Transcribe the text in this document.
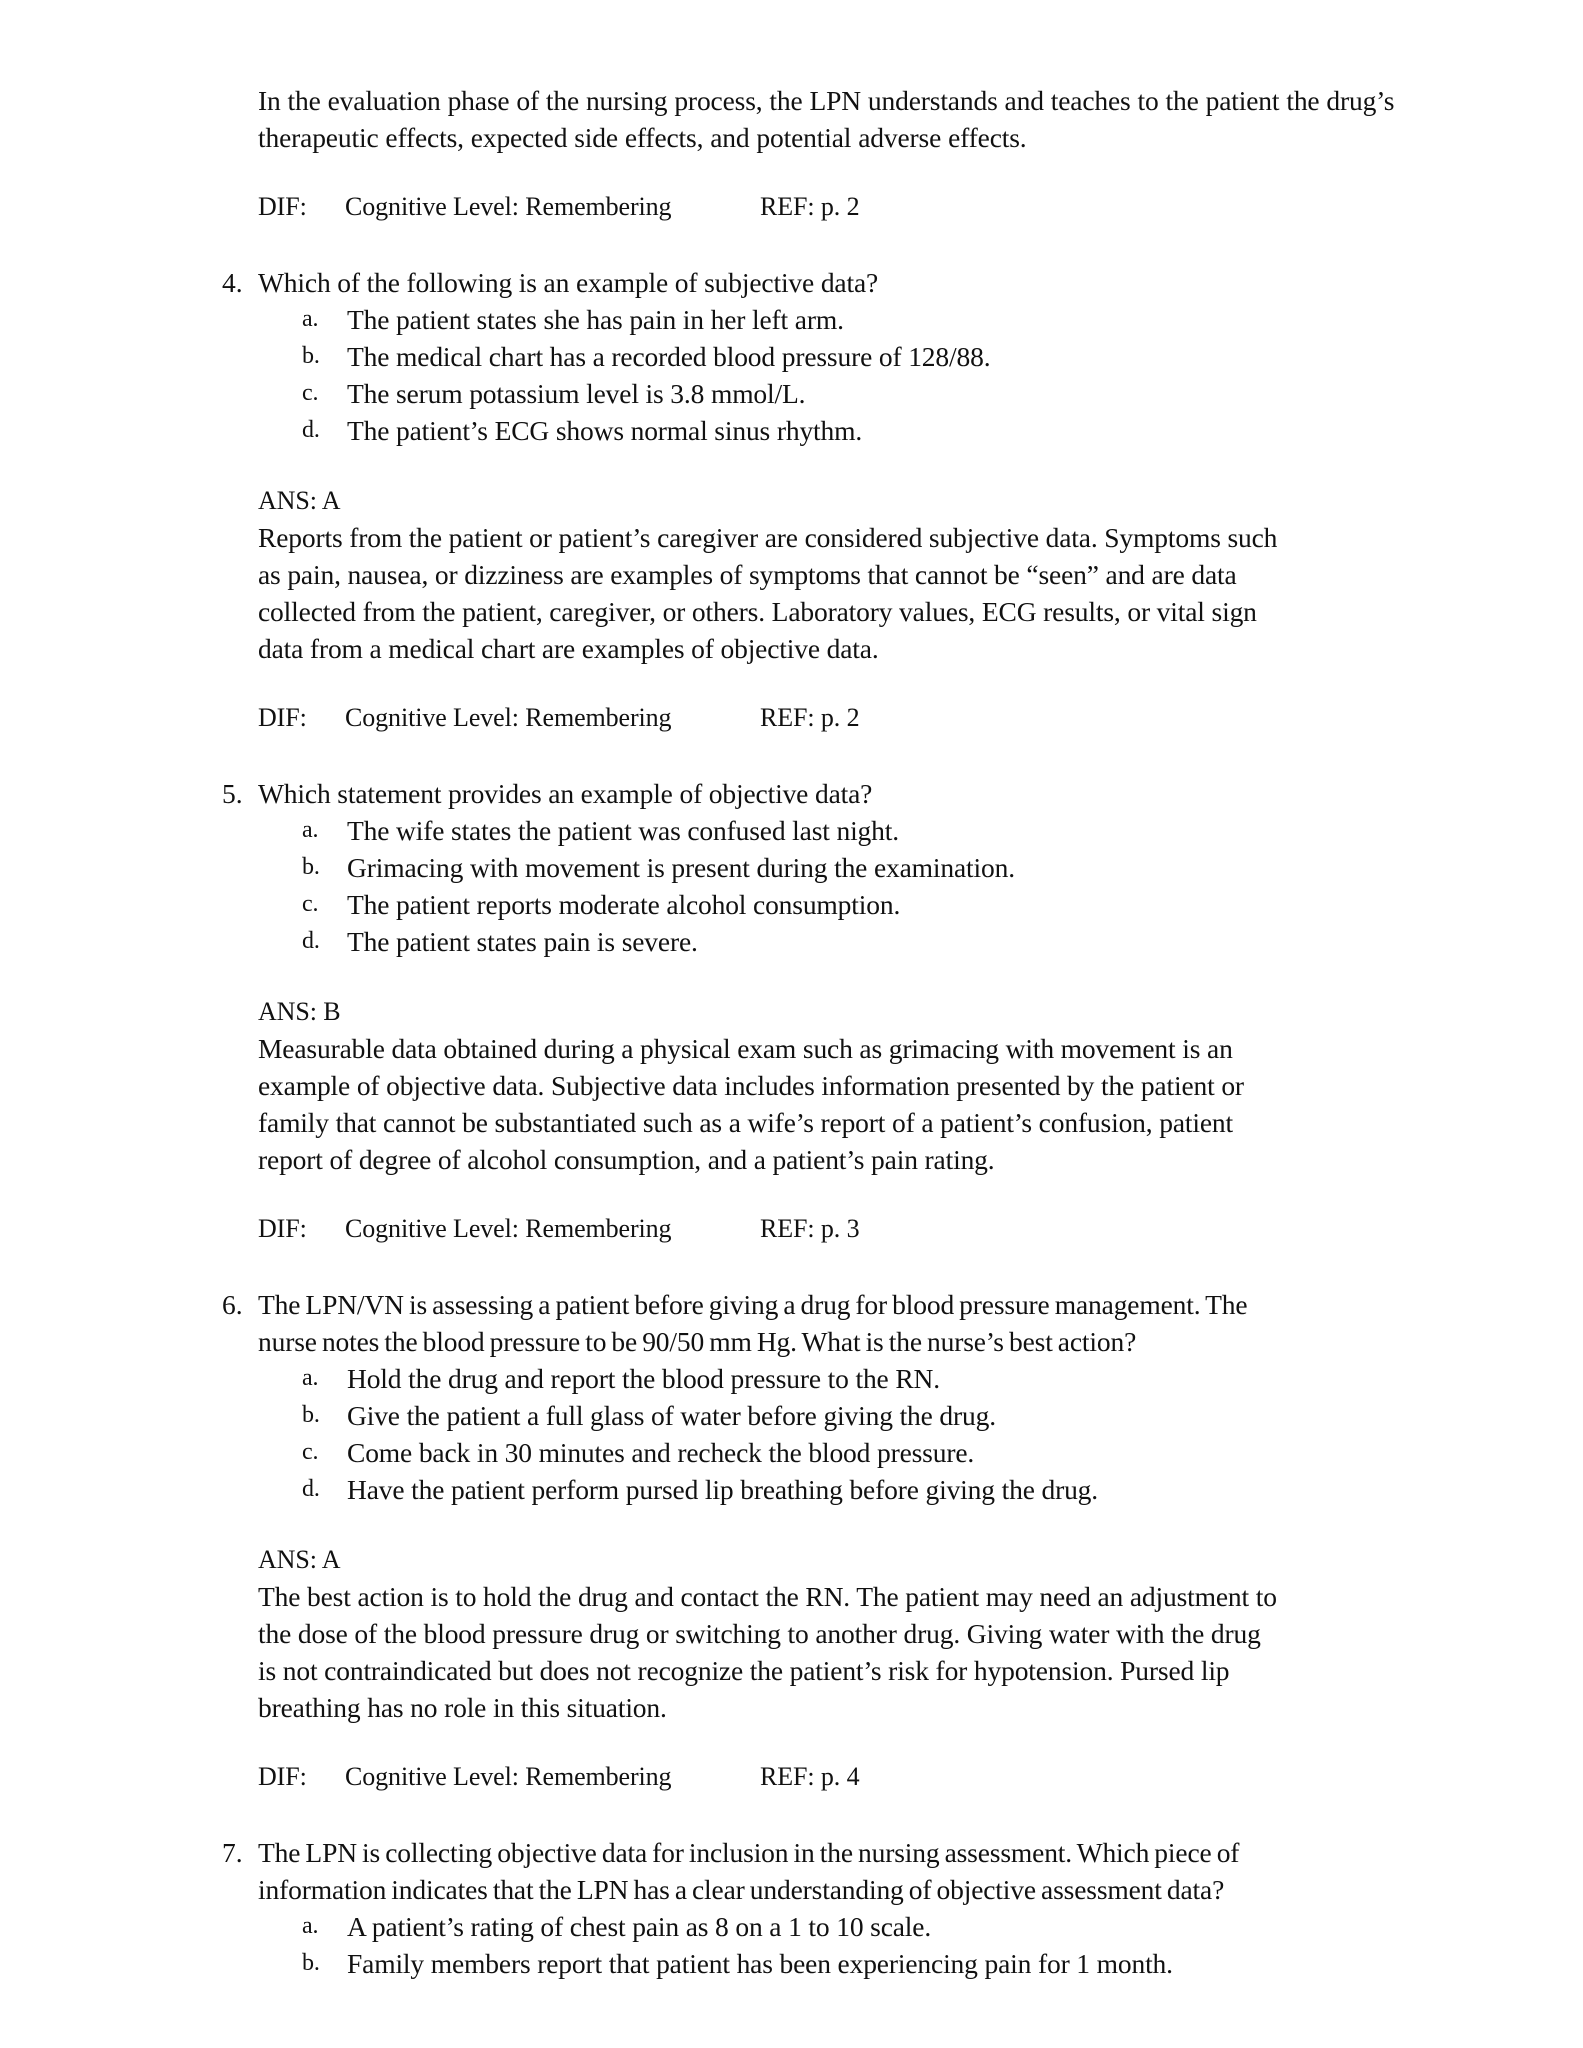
In the evaluation phase of the nursing process, the LPN understands and teaches to the patient the drug’s therapeutic effects, expected side effects, and potential adverse effects.
DIF:	Cognitive Level: Remembering	REF: p. 2
4. Which of the following is an example of subjective data?

a.	The patient states she has pain in her left arm.
b. The medical chart has a recorded blood pressure of 128/88.
c.	The serum potassium level is 3.8 mmol/L.
d. The patient’s ECG shows normal sinus rhythm.
ANS: A
Reports from the patient or patient’s caregiver are considered subjective data. Symptoms such
as pain, nausea, or dizziness are examples of symptoms that cannot be “seen” and are data
collected from the patient, caregiver, or others. Laboratory values, ECG results, or vital sign
data from a medical chart are examples of objective data.
DIF:	Cognitive Level: Remembering	REF: p. 2
5. Which statement provides an example of objective data?

a.	The wife states the patient was confused last night.
b. Grimacing with movement is present during the examination.
c.	The patient reports moderate alcohol consumption.
d. The patient states pain is severe.
ANS: B
Measurable data obtained during a physical exam such as grimacing with movement is an
example of objective data. Subjective data includes information presented by the patient or
family that cannot be substantiated such as a wife’s report of a patient’s confusion, patient
report of degree of alcohol consumption, and a patient’s pain rating.
DIF:	Cognitive Level: Remembering	REF: p. 3
6. The LPN/VN is assessing a patient before giving a drug for blood pressure management. The
nurse notes the blood pressure to be 90/50 mm Hg. What is the nurse’s best action?

a.	Hold the drug and report the blood pressure to the RN.
b. Give the patient a full glass of water before giving the drug.
c.	Come back in 30 minutes and recheck the blood pressure.
d. Have the patient perform pursed lip breathing before giving the drug.
ANS: A
The best action is to hold the drug and contact the RN. The patient may need an adjustment to
the dose of the blood pressure drug or switching to another drug. Giving water with the drug
is not contraindicated but does not recognize the patient’s risk for hypotension. Pursed lip
breathing has no role in this situation.
DIF:	Cognitive Level: Remembering	REF: p. 4
7. The LPN is collecting objective data for inclusion in the nursing assessment. Which piece of
information indicates that the LPN has a clear understanding of objective assessment data?

a.	A patient’s rating of chest pain as 8 on a 1 to 10 scale.
b. Family members report that patient has been experiencing pain for 1 month.
